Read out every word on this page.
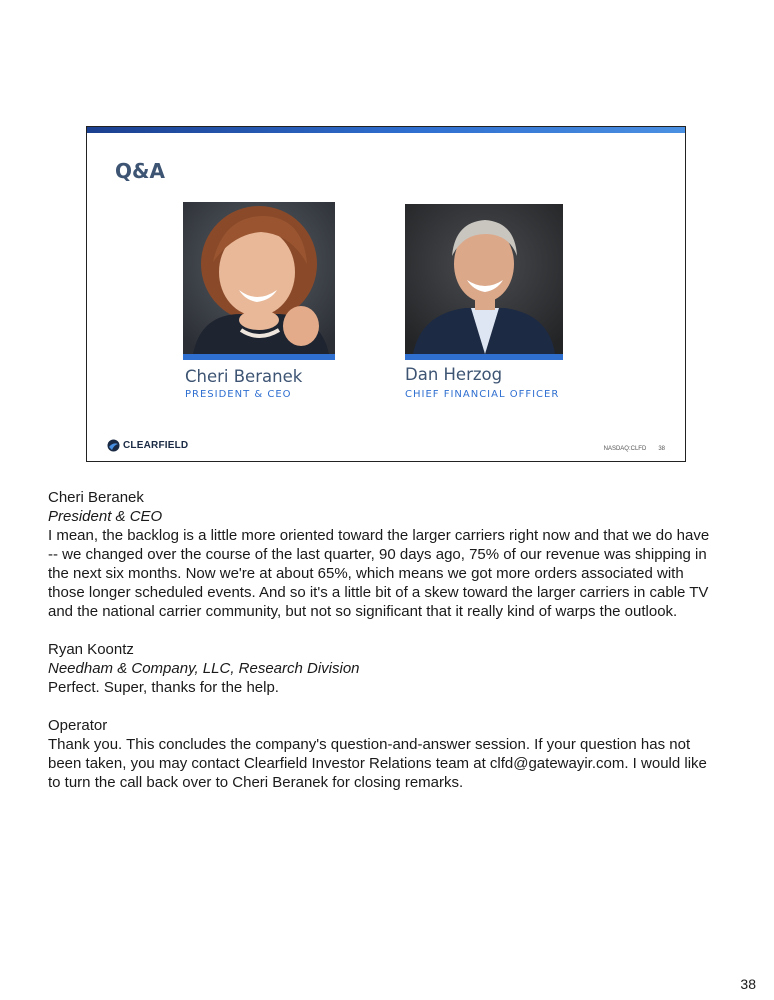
Q&A
Cheri Beranek
PRESIDENT & CEO
Dan Herzog
CHIEF FINANCIAL OFFICER
CLEARFIELD	NASDAQ:CLFD 38
Cheri Beranek
President & CEO
I mean, the backlog is a little more oriented toward the larger carriers right now and that we do have -- we changed over the course of the last quarter, 90 days ago, 75% of our revenue was shipping in the next six months. Now we're at about 65%, which means we got more orders associated with those longer scheduled events. And so it's a little bit of a skew toward the larger carriers in cable TV and the national carrier community, but not so significant that it really kind of warps the outlook.
Ryan Koontz
Needham & Company, LLC, Research Division
Perfect. Super, thanks for the help.
Operator
Thank you. This concludes the company's question-and-answer session. If your question has not been taken, you may contact Clearfield Investor Relations team at clfd@gatewayir.com. I would like to turn the call back over to Cheri Beranek for closing remarks.
38
